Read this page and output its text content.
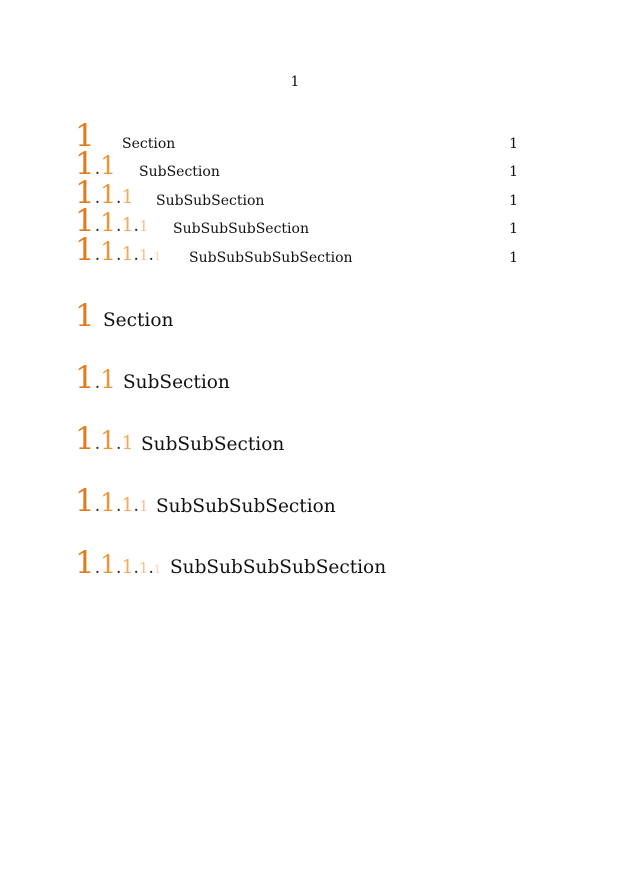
1
1 Section	1
1.1 SubSection	1
1.1.1 SubSubSection	1
1.1.1.1 SubSubSubSection	1
1.1.1.1.1 SubSubSubSubSection	1
1 Section
1.1 SubSection
1.1.1 SubSubSection
1.1.1.1 SubSubSubSection
1.1.1.1.1 SubSubSubSubSection
